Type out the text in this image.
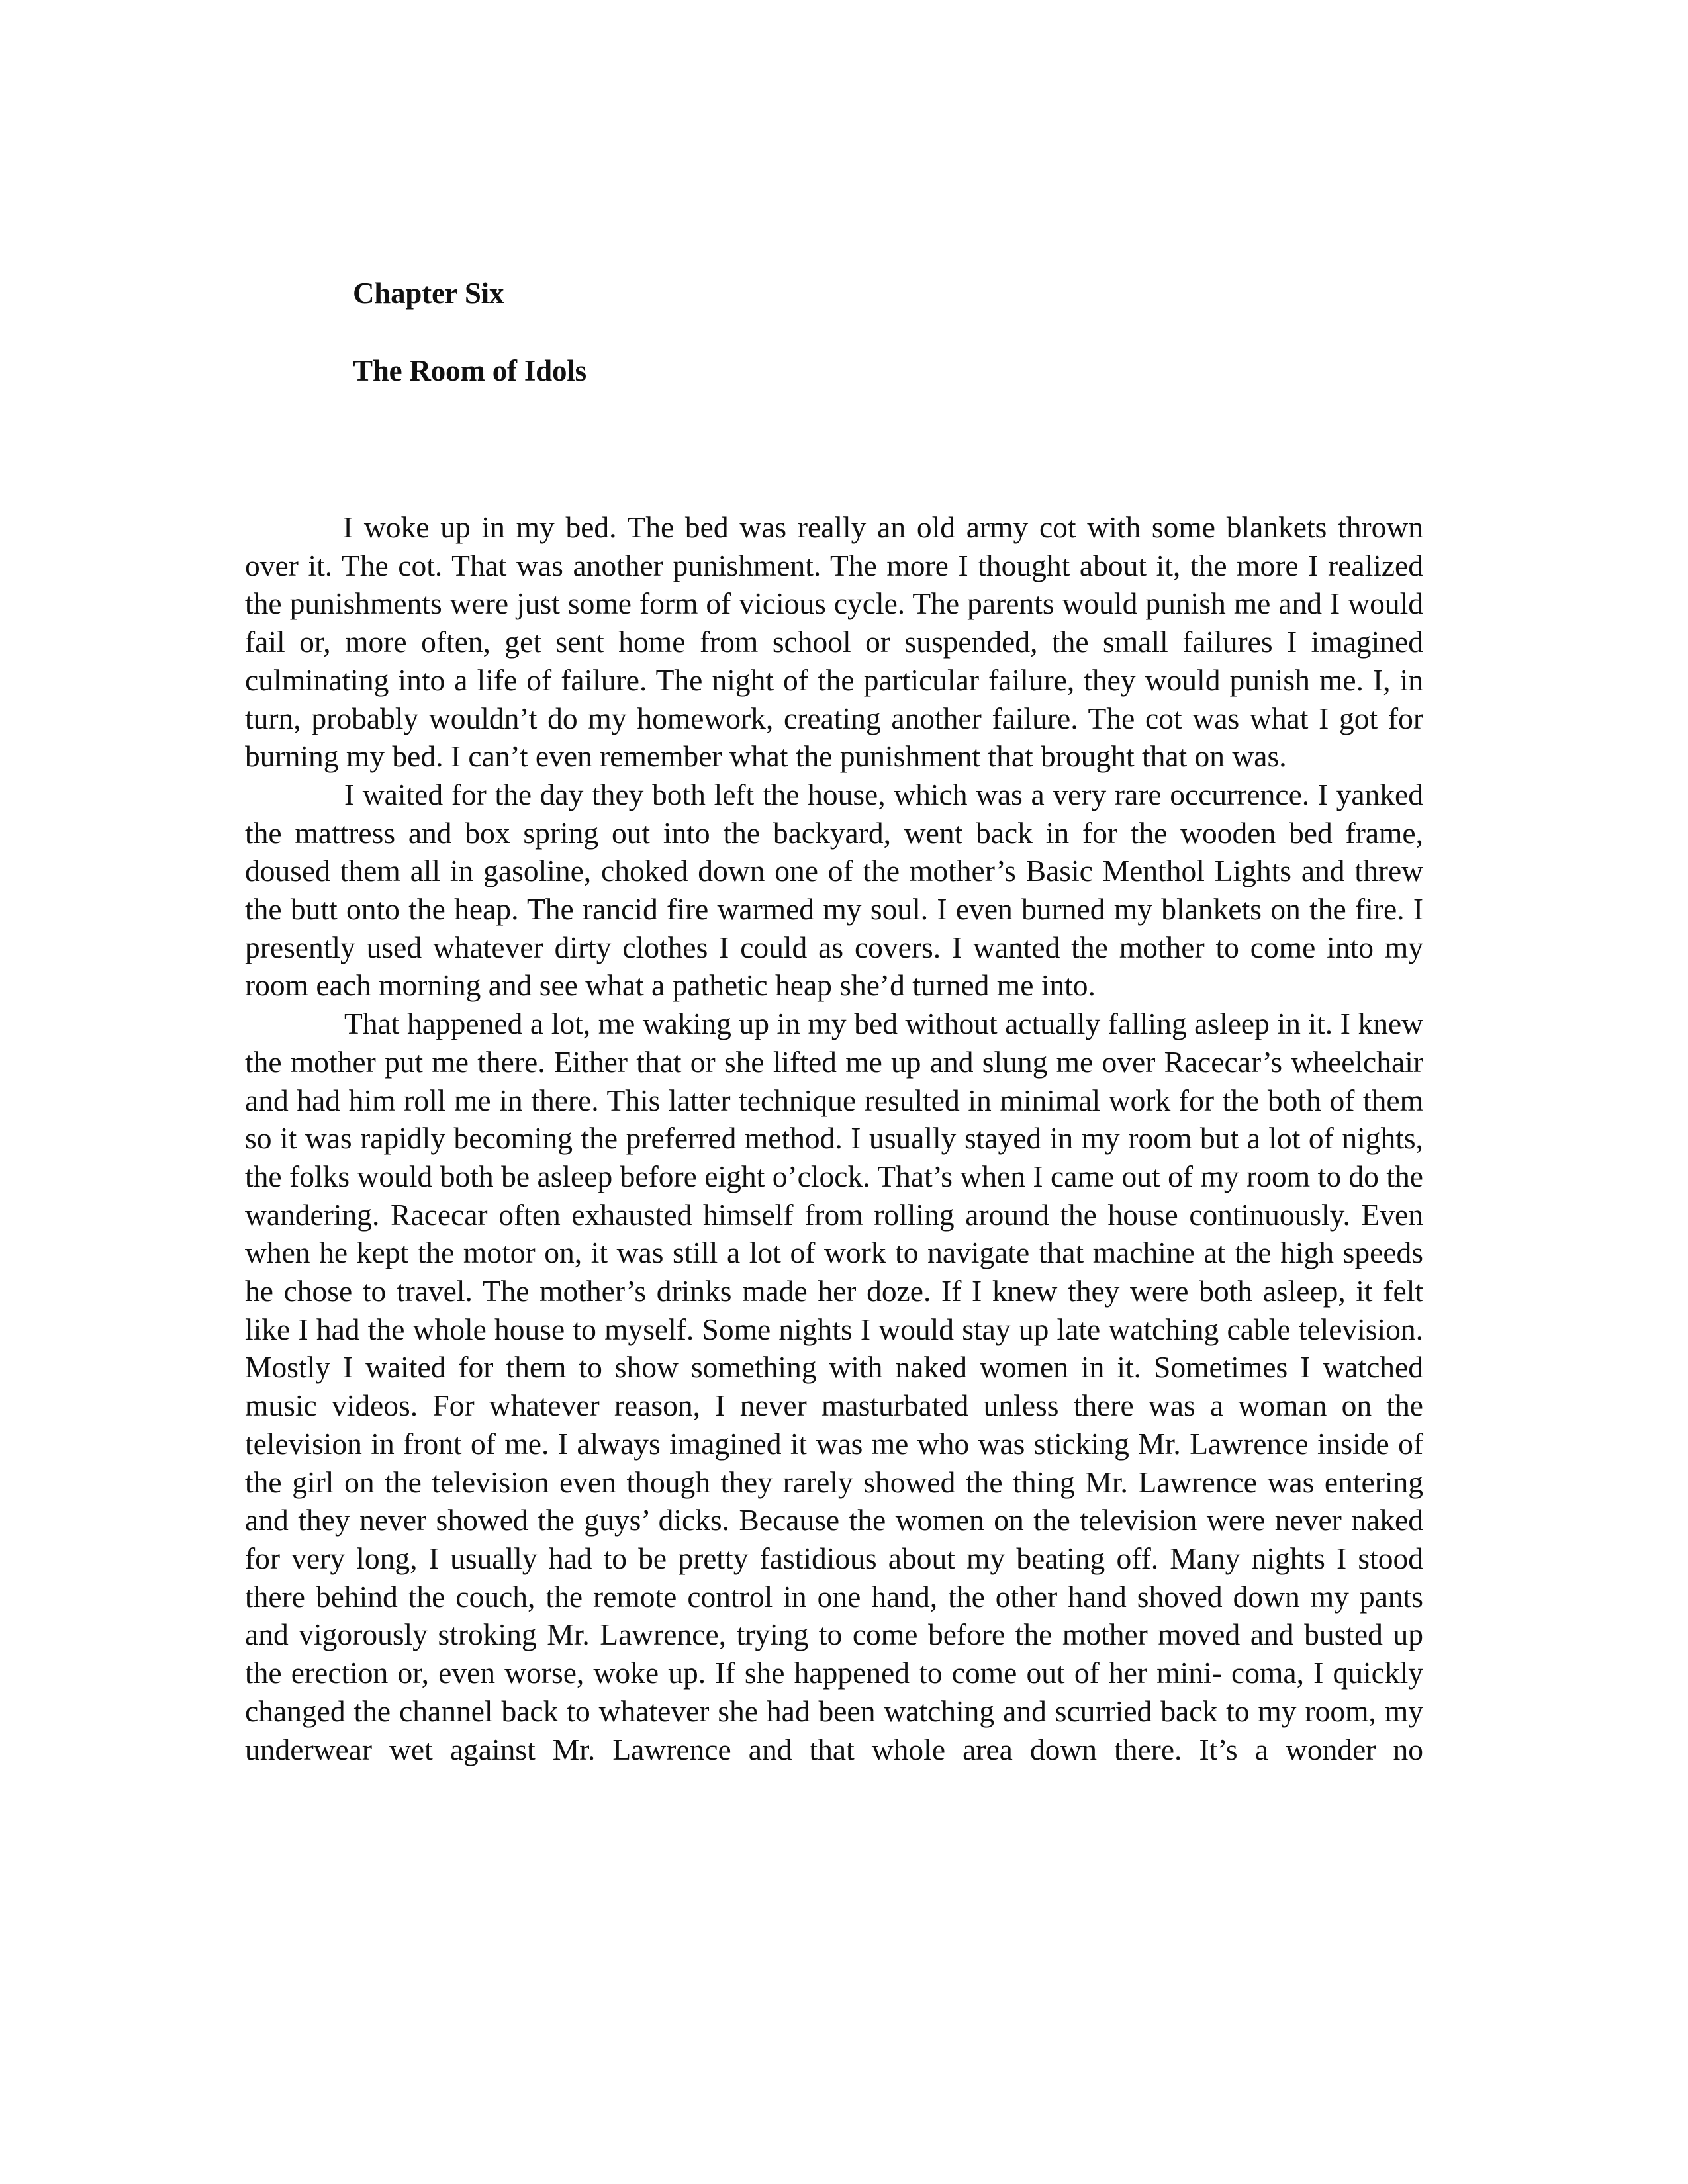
Chapter Six
The Room of Idols

I woke up in my bed. The bed was really an old army cot with some blankets thrown over it. The cot. That was another punishment. The more I thought about it, the more I realized the punishments were just some form of vicious cycle. The parents would punish me and I would fail or, more often, get sent home from school or suspended, the small failures I imagined culminating into a life of failure. The night of the particular failure, they would punish me. I, in turn, probably wouldn’t do my homework, creating another failure. The cot was what I got for burning my bed. I can’t even remember what the punishment that brought that on was.

I waited for the day they both left the house, which was a very rare occurrence. I yanked the mattress and box spring out into the backyard, went back in for the wooden bed frame, doused them all in gasoline, choked down one of the mother’s Basic Menthol Lights and threw the butt onto the heap. The rancid fire warmed my soul. I even burned my blankets on the fire. I presently used whatever dirty clothes I could as covers. I wanted the mother to come into my room each morning and see what a pathetic heap she’d turned me into.

That happened a lot, me waking up in my bed without actually falling asleep in it. I knew the mother put me there. Either that or she lifted me up and slung me over Racecar’s wheelchair and had him roll me in there. This latter technique resulted in minimal work for the both of them so it was rapidly becoming the preferred method. I usually stayed in my room but a lot of nights, the folks would both be asleep before eight o’clock. That’s when I came out of my room to do the wandering. Racecar often exhausted himself from rolling around the house continuously. Even when he kept the motor on, it was still a lot of work to navigate that machine at the high speeds he chose to travel. The mother’s drinks made her doze. If I knew they were both asleep, it felt like I had the whole house to myself. Some nights I would stay up late watching cable television. Mostly I waited for them to show something with naked women in it. Sometimes I watched music videos. For whatever reason, I never masturbated unless there was a woman on the television in front of me. I always imagined it was me who was sticking Mr. Lawrence inside of the girl on the television even though they rarely showed the thing Mr. Lawrence was entering and they never showed the guys’ dicks. Because the women on the television were never naked for very long, I usually had to be pretty fastidious about my beating off. Many nights I stood there behind the couch, the remote control in one hand, the other hand shoved down my pants and vigorously stroking Mr. Lawrence, trying to come before the mother moved and busted up the erection or, even worse, woke up. If she happened to come out of her mini- coma, I quickly changed the channel back to whatever she had been watching and scurried back to my room, my underwear wet against Mr. Lawrence and that whole area down there. It’s a wonder no
